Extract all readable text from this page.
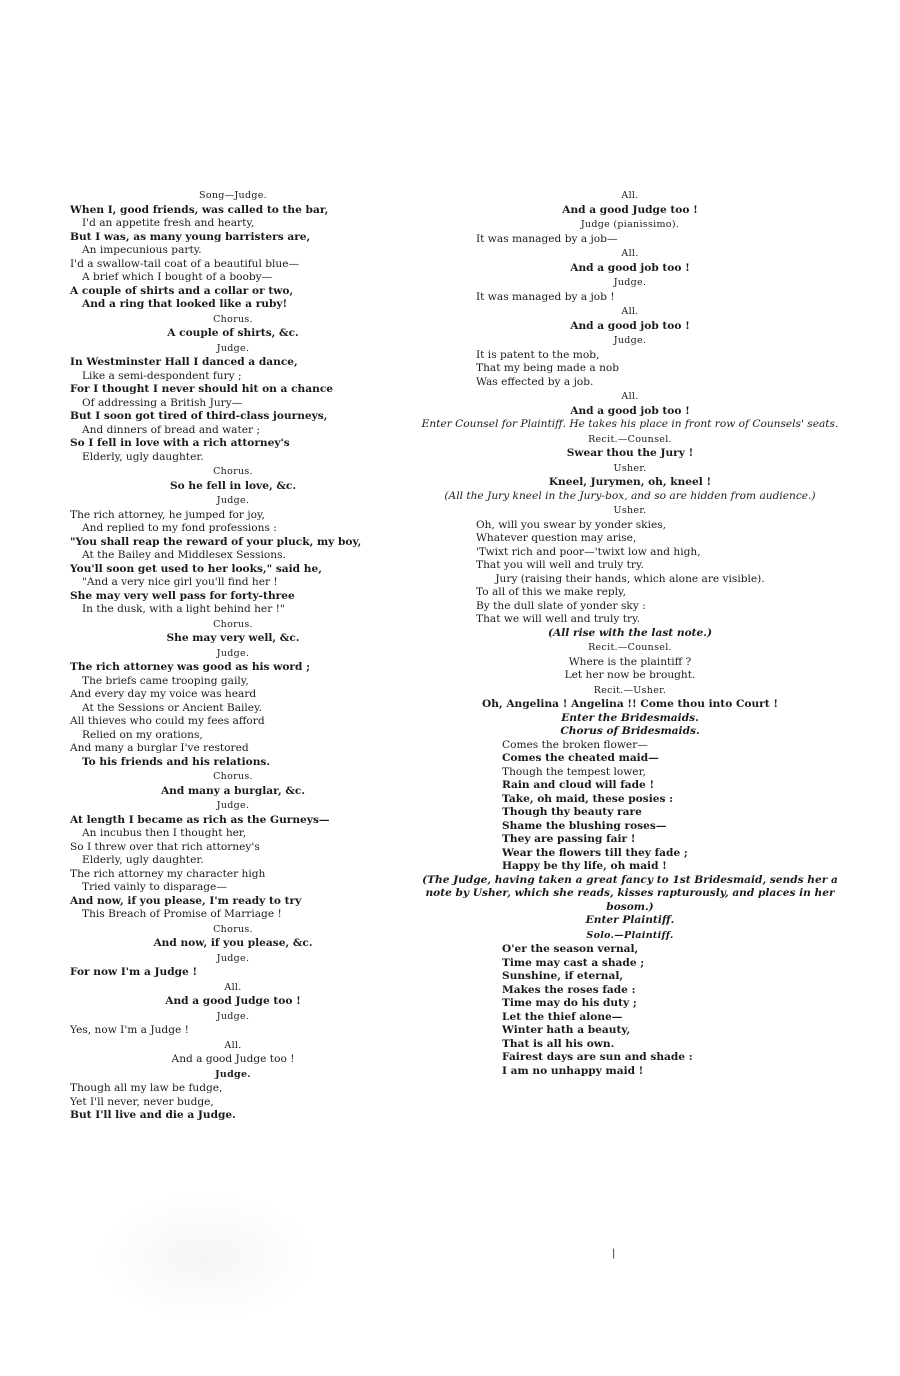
Song—Judge.
When I, good friends, was called to the bar,
I'd an appetite fresh and hearty,
But I was, as many young barristers are,
An impecunious party.
I'd a swallow-tail coat of a beautiful blue—
A brief which I bought of a booby—
A couple of shirts and a collar or two,
And a ring that looked like a ruby!
Chorus.
A couple of shirts, &c.
Judge.
In Westminster Hall I danced a dance,
Like a semi-despondent fury ;
For I thought I never should hit on a chance
Of addressing a British Jury—
But I soon got tired of third-class journeys,
And dinners of bread and water ;
So I fell in love with a rich attorney's
Elderly, ugly daughter.
Chorus.
So he fell in love, &c.
Judge.
The rich attorney, he jumped for joy,
And replied to my fond professions :
"You shall reap the reward of your pluck, my boy,
At the Bailey and Middlesex Sessions.
You'll soon get used to her looks," said he,
"And a very nice girl you'll find her !
She may very well pass for forty-three
In the dusk, with a light behind her !"
Chorus.
She may very well, &c.
Judge.
The rich attorney was good as his word ;
The briefs came trooping gaily,
And every day my voice was heard
At the Sessions or Ancient Bailey.
All thieves who could my fees afford
Relied on my orations,
And many a burglar I've restored
To his friends and his relations.
Chorus.
And many a burglar, &c.
Judge.
At length I became as rich as the Gurneys—
An incubus then I thought her,
So I threw over that rich attorney's
Elderly, ugly daughter.
The rich attorney my character high
Tried vainly to disparage—
And now, if you please, I'm ready to try
This Breach of Promise of Marriage !
Chorus.
And now, if you please, &c.
Judge.
For now I'm a Judge !
All.
And a good Judge too !
Judge.
Yes, now I'm a Judge !
All.
And a good Judge too !
Judge.
Though all my law be fudge,
Yet I'll never, never budge,
But I'll live and die a Judge.
All.
And a good Judge too !
Judge (pianissimo).
It was managed by a job—
All.
And a good job too !
Judge.
It was managed by a job !
All.
And a good job too !
Judge.
It is patent to the mob,
That my being made a nob
Was effected by a job.
All.
And a good job too !
Enter Counsel for Plaintiff. He takes his place in front row of Counsels' seats.
Recit.—Counsel.
Swear thou the Jury !
Usher.
Kneel, Jurymen, oh, kneel !
(All the Jury kneel in the Jury-box, and so are hidden from audience.)
Usher.
Oh, will you swear by yonder skies,
Whatever question may arise,
'Twixt rich and poor—'twixt low and high,
That you will well and truly try.
Jury (raising their hands, which alone are visible).
To all of this we make reply,
By the dull slate of yonder sky :
That we will well and truly try.
(All rise with the last note.)
Recit.—Counsel.
Where is the plaintiff ?
Let her now be brought.
Recit.—Usher.
Oh, Angelina ! Angelina !! Come thou into Court !
Enter the Bridesmaids.
Chorus of Bridesmaids.
Comes the broken flower—
Comes the cheated maid—
Though the tempest lower,
Rain and cloud will fade !
Take, oh maid, these posies :
Though thy beauty rare
Shame the blushing roses—
They are passing fair !
Wear the flowers till they fade ;
Happy be thy life, oh maid !
(The Judge, having taken a great fancy to 1st Bridesmaid, sends her a note by Usher, which she reads, kisses rapturously, and places in her bosom.)
Enter Plaintiff.
Solo.—Plaintiff.
O'er the season vernal,
Time may cast a shade ;
Sunshine, if eternal,
Makes the roses fade :
Time may do his duty ;
Let the thief alone—
Winter hath a beauty,
That is all his own.
Fairest days are sun and shade :
I am no unhappy maid !
|
